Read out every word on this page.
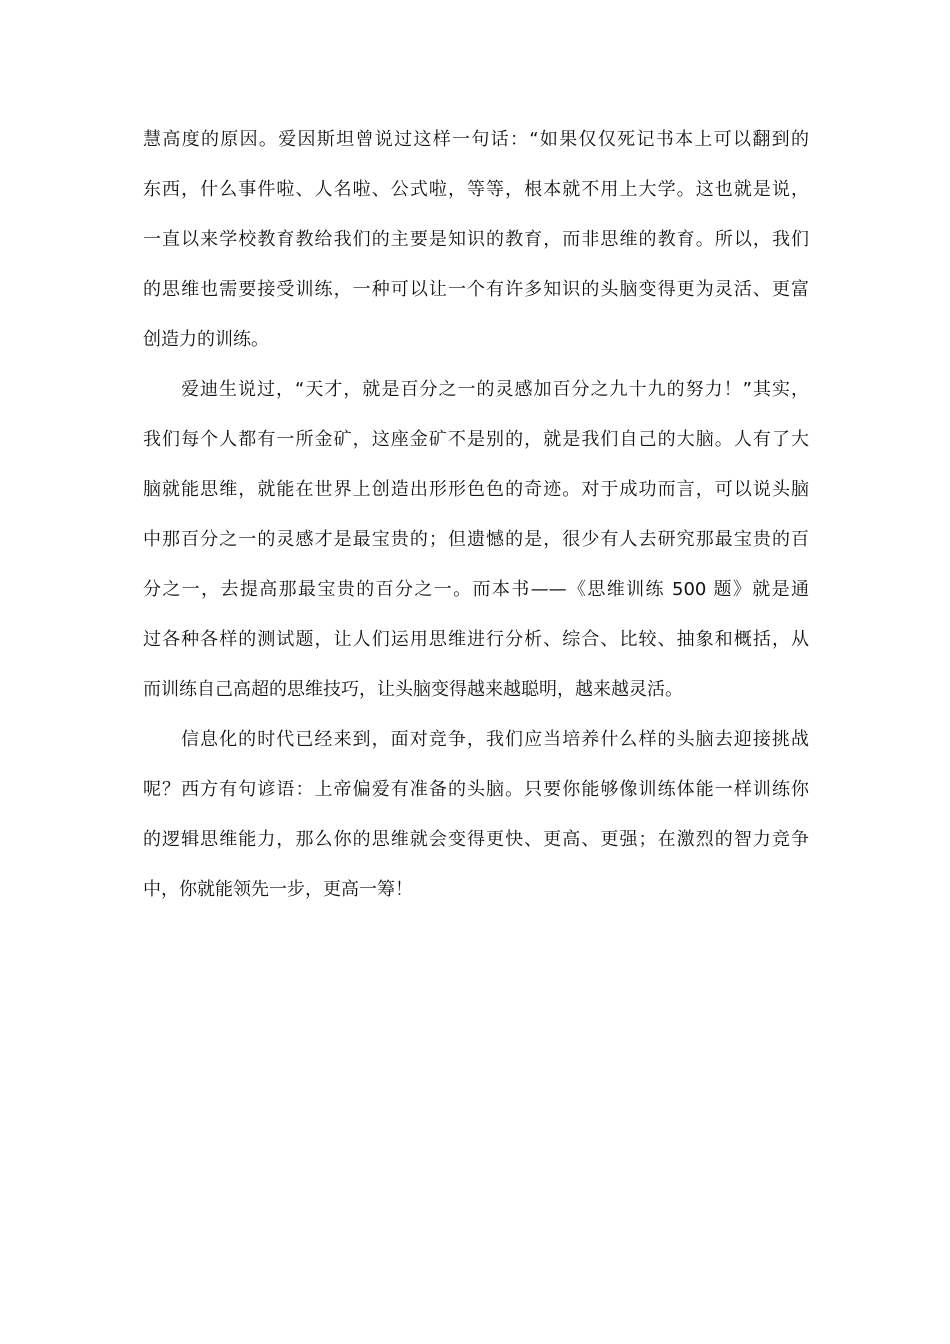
慧高度的原因。爱因斯坦曾说过这样一句话：“如果仅仅死记书本上可以翻到的
东西，什么事件啦、人名啦、公式啦，等等，根本就不用上大学。这也就是说，
一直以来学校教育教给我们的主要是知识的教育，而非思维的教育。所以，我们
的思维也需要接受训练，一种可以让一个有许多知识的头脑变得更为灵活、更富
创造力的训练。
爱迪生说过，“天才，就是百分之一的灵感加百分之九十九的努力！”其实，
我们每个人都有一所金矿，这座金矿不是别的，就是我们自己的大脑。人有了大
脑就能思维，就能在世界上创造出形形色色的奇迹。对于成功而言，可以说头脑
中那百分之一的灵感才是最宝贵的；但遗憾的是，很少有人去研究那最宝贵的百
分之一，去提高那最宝贵的百分之一。而本书——《思维训练 500 题》就是通
过各种各样的测试题，让人们运用思维进行分析、综合、比较、抽象和概括，从
而训练自己高超的思维技巧，让头脑变得越来越聪明，越来越灵活。
信息化的时代已经来到，面对竞争，我们应当培养什么样的头脑去迎接挑战
呢？西方有句谚语：上帝偏爱有准备的头脑。只要你能够像训练体能一样训练你
的逻辑思维能力，那么你的思维就会变得更快、更高、更强；在激烈的智力竞争
中，你就能领先一步，更高一筹！
